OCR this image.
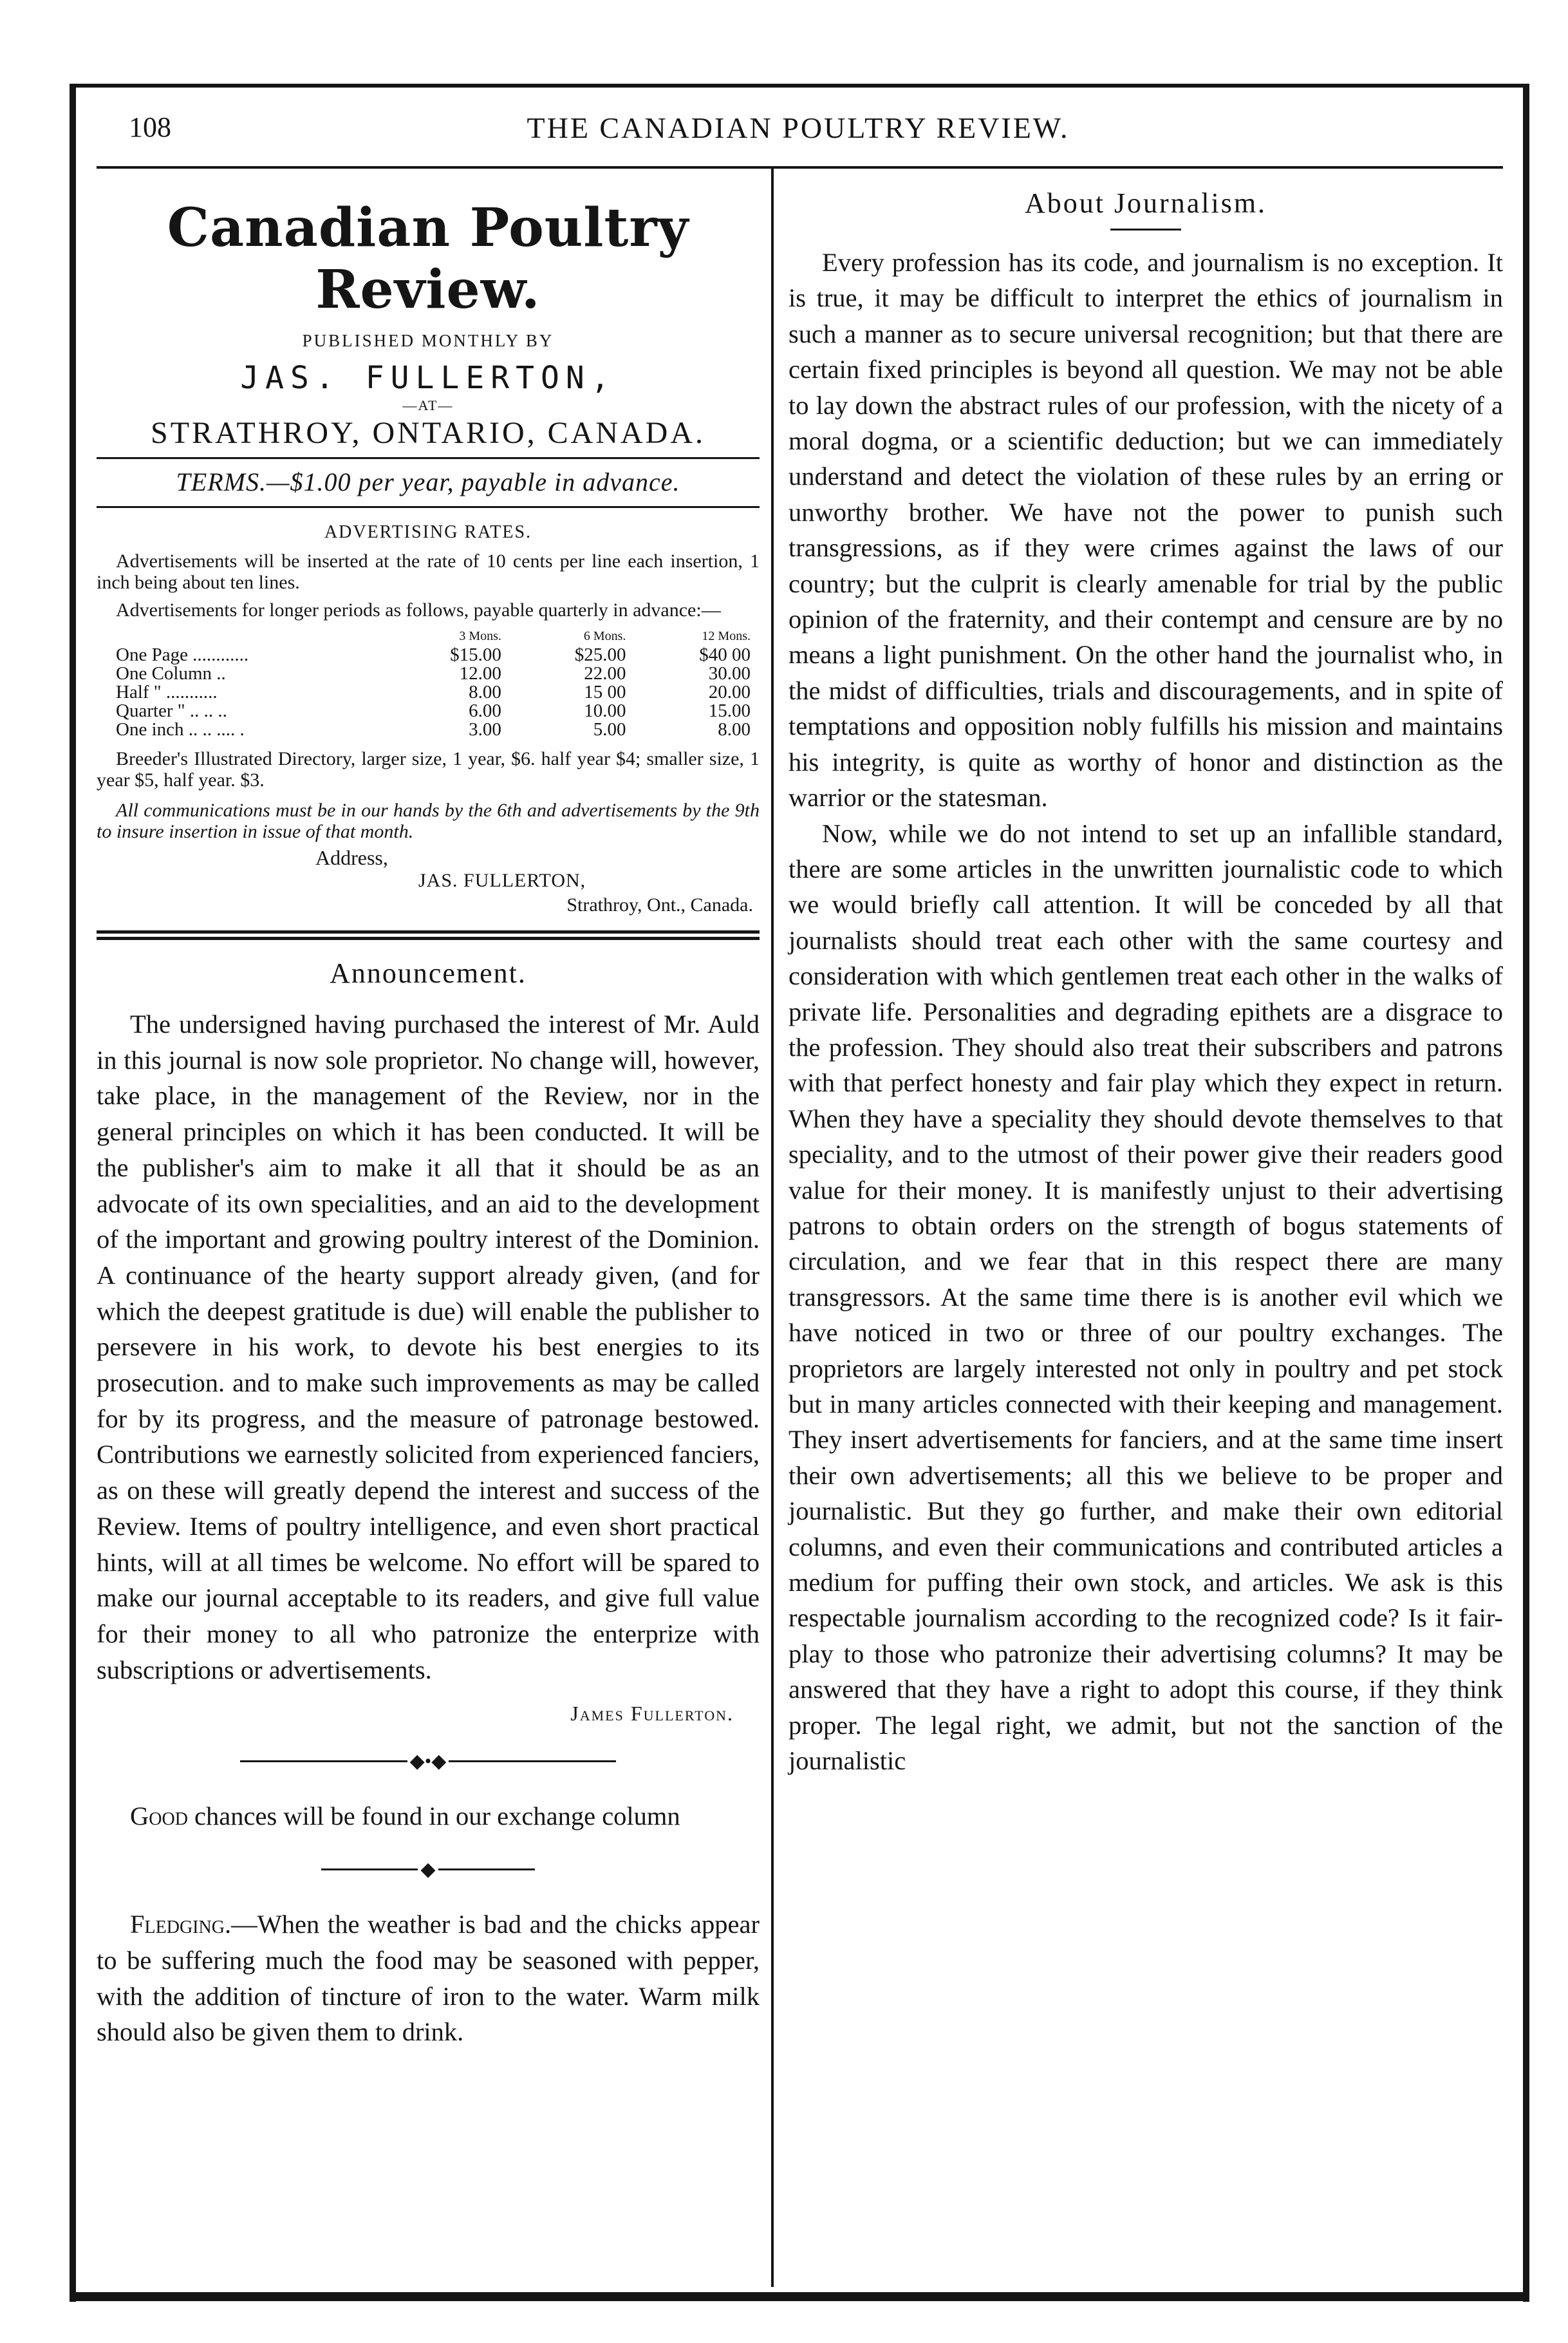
108	THE CANADIAN POULTRY REVIEW.
Canadian Poultry Review.
PUBLISHED MONTHLY BY
JAS. FULLERTON,
—AT—
STRATHROY, ONTARIO, CANADA.
TERMS.—$1.00 per year, payable in advance.
ADVERTISING RATES.

Advertisements will be inserted at the rate of 10 cents per line each insertion, 1 inch being about ten lines.

Advertisements for longer periods as follows, payable quarterly in advance:—

	3 Mons.	6 Mons.	12 Mons.
One Page ............	$15.00	$25.00	$40 00
One Column ..	12.00	22.00	30.00
Half " ...........	8.00	15 00	20.00
Quarter " .. .. ..	6.00	10.00	15.00
One inch .. .. .... .	3.00	5.00	8.00

Breeder's Illustrated Directory, larger size, 1 year, $6. half year $4; smaller size, 1 year $5, half year. $3.

All communications must be in our hands by the 6th and advertisements by the 9th to insure insertion in issue of that month.

Address,
JAS. FULLERTON,
Strathroy, Ont., Canada.
Announcement.

The undersigned having purchased the interest of Mr. Auld in this journal is now sole proprietor. No change will, however, take place, in the management of the Review, nor in the general principles on which it has been conducted. It will be the publisher's aim to make it all that it should be as an advocate of its own specialities, and an aid to the development of the important and growing poultry interest of the Dominion. A continuance of the hearty support already given, (and for which the deepest gratitude is due) will enable the publisher to persevere in his work, to devote his best energies to its prosecution. and to make such improvements as may be called for by its progress, and the measure of patronage bestowed. Contributions we earnestly solicited from experienced fanciers, as on these will greatly depend the interest and success of the Review. Items of poultry intelligence, and even short practical hints, will at all times be welcome. No effort will be spared to make our journal acceptable to its readers, and give full value for their money to all who patronize the enterprize with subscriptions or advertisements.

James Fullerton.
◆•◆

Good chances will be found in our exchange column

◆

Fledging.—When the weather is bad and the chicks appear to be suffering much the food may be seasoned with pepper, with the addition of tincture of iron to the water. Warm milk should also be given them to drink.

About Journalism.

Every profession has its code, and journalism is no exception. It is true, it may be difficult to interpret the ethics of journalism in such a manner as to secure universal recognition; but that there are certain fixed principles is beyond all question. We may not be able to lay down the abstract rules of our profession, with the nicety of a moral dogma, or a scientific deduction; but we can immediately understand and detect the violation of these rules by an erring or unworthy brother. We have not the power to punish such transgressions, as if they were crimes against the laws of our country; but the culprit is clearly amenable for trial by the public opinion of the fraternity, and their contempt and censure are by no means a light punishment. On the other hand the journalist who, in the midst of difficulties, trials and discouragements, and in spite of temptations and opposition nobly fulfills his mission and maintains his integrity, is quite as worthy of honor and distinction as the warrior or the statesman.

Now, while we do not intend to set up an infallible standard, there are some articles in the unwritten journalistic code to which we would briefly call attention. It will be conceded by all that journalists should treat each other with the same courtesy and consideration with which gentlemen treat each other in the walks of private life. Personalities and degrading epithets are a disgrace to the profession. They should also treat their subscribers and patrons with that perfect honesty and fair play which they expect in return. When they have a speciality they should devote themselves to that speciality, and to the utmost of their power give their readers good value for their money. It is manifestly unjust to their advertising patrons to obtain orders on the strength of bogus statements of circulation, and we fear that in this respect there are many transgressors. At the same time there is is another evil which we have noticed in two or three of our poultry exchanges. The proprietors are largely interested not only in poultry and pet stock but in many articles connected with their keeping and management. They insert advertisements for fanciers, and at the same time insert their own advertisements; all this we believe to be proper and journalistic. But they go further, and make their own editorial columns, and even their communications and contributed articles a medium for puffing their own stock, and articles. We ask is this respectable journalism according to the recognized code? Is it fair-play to those who patronize their advertising columns? It may be answered that they have a right to adopt this course, if they think proper. The legal right, we admit, but not the sanction of the journalistic
